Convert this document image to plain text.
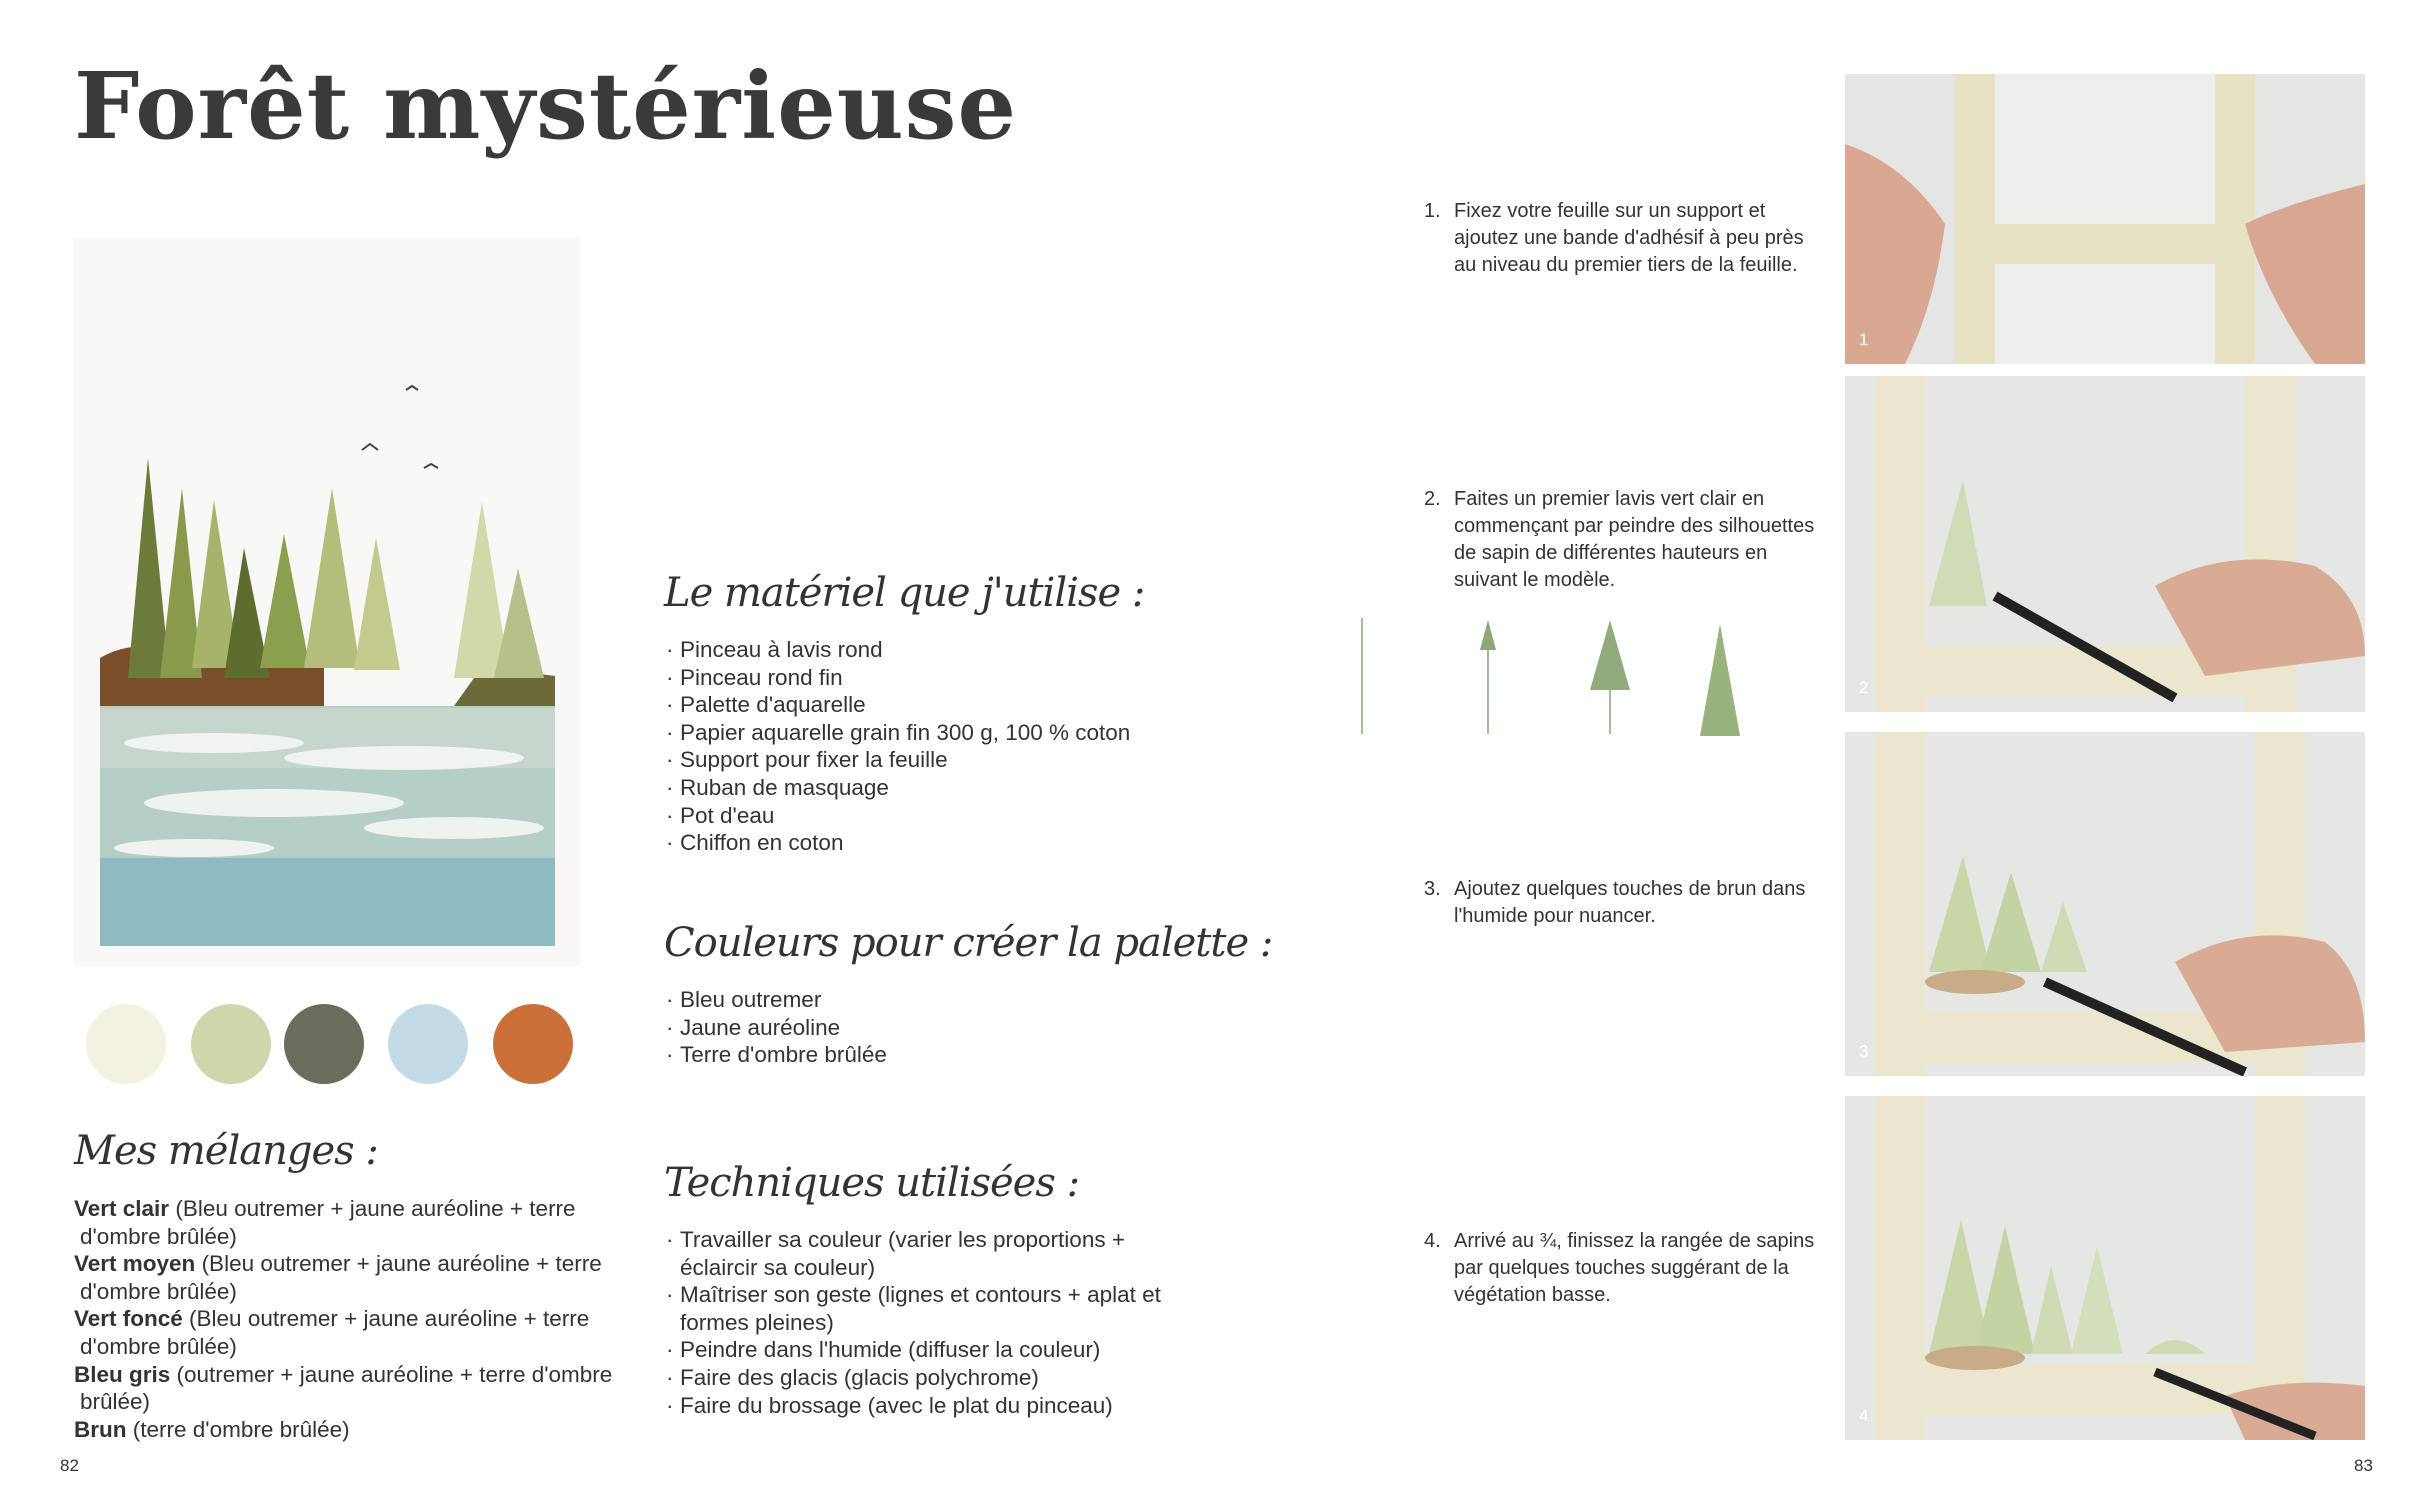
Forêt mystérieuse
Mes mélanges :
Vert clair (Bleu outremer + jaune auréoline + terre d'ombre brûlée)
Vert moyen (Bleu outremer + jaune auréoline + terre d'ombre brûlée)
Vert foncé (Bleu outremer + jaune auréoline + terre d'ombre brûlée)
Bleu gris (outremer + jaune auréoline + terre d'ombre brûlée)
Brun (terre d'ombre brûlée)
Le matériel que j'utilise :
· Pinceau à lavis rond
· Pinceau rond fin
· Palette d'aquarelle
· Papier aquarelle grain fin 300 g, 100 % coton
· Support pour fixer la feuille
· Ruban de masquage
· Pot d'eau
· Chiffon en coton
Couleurs pour créer la palette :
· Bleu outremer
· Jaune auréoline
· Terre d'ombre brûlée
Techniques utilisées :
· Travailler sa couleur (varier les proportions + éclaircir sa couleur)
· Maîtriser son geste (lignes et contours + aplat et formes pleines)
· Peindre dans l'humide (diffuser la couleur)
· Faire des glacis (glacis polychrome)
· Faire du brossage (avec le plat du pinceau)
1. Fixez votre feuille sur un support et ajoutez une bande d'adhésif à peu près au niveau du premier tiers de la feuille.
2. Faites un premier lavis vert clair en commençant par peindre des silhouettes de sapin de différentes hauteurs en suivant le modèle.
3. Ajoutez quelques touches de brun dans l'humide pour nuancer.
4. Arrivé au ¾, finissez la rangée de sapins par quelques touches suggérant de la végétation basse.
1
2
3
4
82	83
